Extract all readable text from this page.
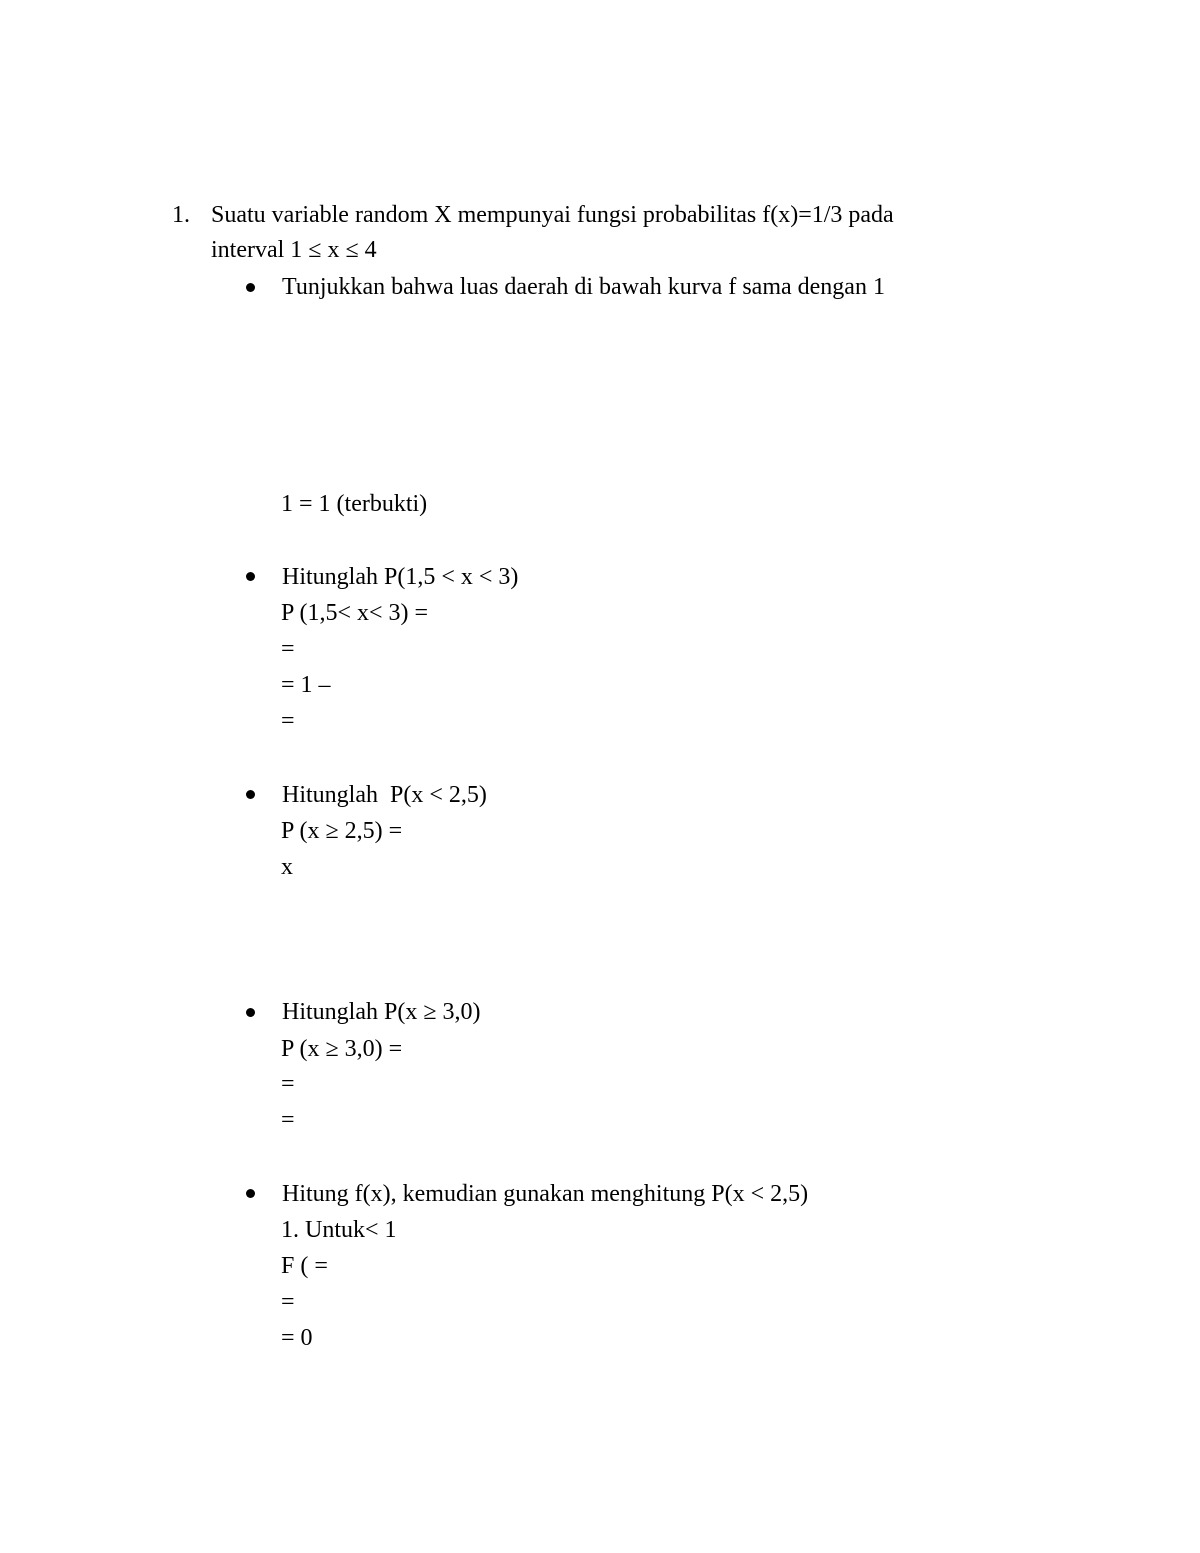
1. Suatu variable random X mempunyai fungsi probabilitas f(x)=1/3 pada
interval 1 ≤ x ≤ 4
Tunjukkan bahwa luas daerah di bawah kurva f sama dengan 1
1 = 1 (terbukti)
Hitunglah P(1,5 < x < 3)
P (1,5< x< 3) =
=
= 1 –
=
Hitunglah  P(x < 2,5)
P (x ≥ 2,5) =
x
Hitunglah P(x ≥ 3,0)
P (x ≥ 3,0) =
=
=
Hitung f(x), kemudian gunakan menghitung P(x < 2,5)
1. Untuk< 1
F ( =
=
= 0
